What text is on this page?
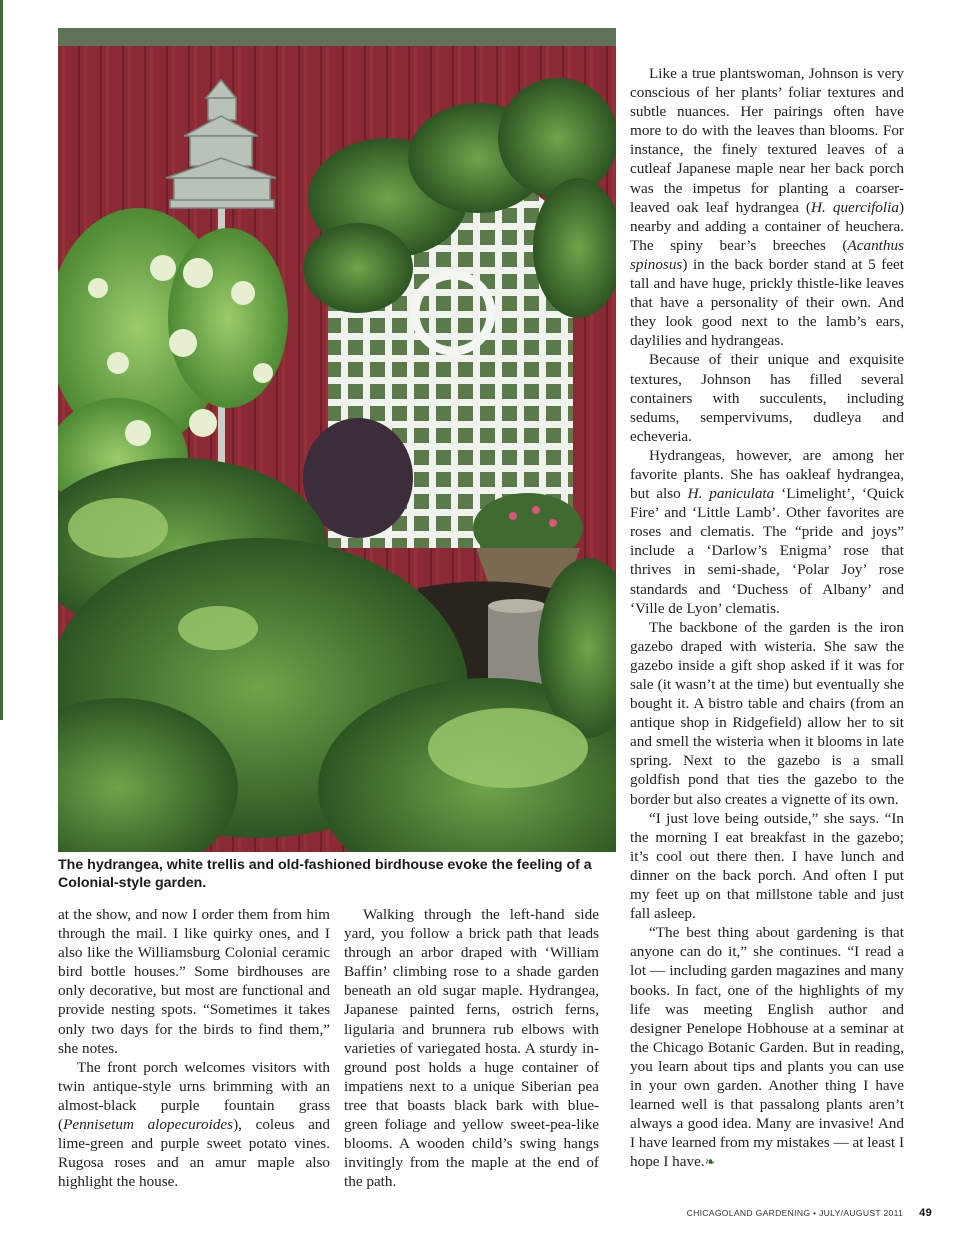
The hydrangea, white trellis and old-fashioned birdhouse evoke the feeling of a Colonial-style garden.

at the show, and now I order them from him through the mail. I like quirky ones, and I also like the Williamsburg Colonial ceramic bird bottle houses.” Some birdhouses are only decorative, but most are functional and provide nesting spots. “Sometimes it takes only two days for the birds to find them,” she notes.

The front porch welcomes visitors with twin antique-style urns brimming with an almost-black purple fountain grass (Pennisetum alopecuroides), coleus and lime-green and purple sweet potato vines. Rugosa roses and an amur maple also highlight the house.

Walking through the left-hand side yard, you follow a brick path that leads through an arbor draped with ‘William Baffin’ climbing rose to a shade garden beneath an old sugar maple. Hydrangea, Japanese painted ferns, ostrich ferns, ligularia and brunnera rub elbows with varieties of variegated hosta. A sturdy in-ground post holds a huge container of impatiens next to a unique Siberian pea tree that boasts black bark with blue-green foliage and yellow sweet-pea-like blooms. A wooden child’s swing hangs invitingly from the maple at the end of the path.

Like a true plantswoman, Johnson is very conscious of her plants’ foliar textures and subtle nuances. Her pairings often have more to do with the leaves than blooms. For instance, the finely textured leaves of a cutleaf Japanese maple near her back porch was the impetus for planting a coarser-leaved oak leaf hydrangea (H. quercifolia) nearby and adding a container of heuchera. The spiny bear’s breeches (Acanthus spinosus) in the back border stand at 5 feet tall and have huge, prickly thistle-like leaves that have a personality of their own. And they look good next to the lamb’s ears, daylilies and hydrangeas.

Because of their unique and exquisite textures, Johnson has filled several containers with succulents, including sedums, sempervivums, dudleya and echeveria.

Hydrangeas, however, are among her favorite plants. She has oakleaf hydrangea, but also H. paniculata ‘Limelight’, ‘Quick Fire’ and ‘Little Lamb’. Other favorites are roses and clematis. The “pride and joys” include a ‘Darlow’s Enigma’ rose that thrives in semi-shade, ‘Polar Joy’ rose standards and ‘Duchess of Albany’ and ‘Ville de Lyon’ clematis.

The backbone of the garden is the iron gazebo draped with wisteria. She saw the gazebo inside a gift shop asked if it was for sale (it wasn’t at the time) but eventually she bought it. A bistro table and chairs (from an antique shop in Ridgefield) allow her to sit and smell the wisteria when it blooms in late spring. Next to the gazebo is a small goldfish pond that ties the gazebo to the border but also creates a vignette of its own.

“I just love being outside,” she says. “In the morning I eat breakfast in the gazebo; it’s cool out there then. I have lunch and dinner on the back porch. And often I put my feet up on that millstone table and just fall asleep.

“The best thing about gardening is that anyone can do it,” she continues. “I read a lot — including garden magazines and many books. In fact, one of the highlights of my life was meeting English author and designer Penelope Hobhouse at a seminar at the Chicago Botanic Garden. But in reading, you learn about tips and plants you can use in your own garden. Another thing I have learned well is that passalong plants aren’t always a good idea. Many are invasive! And I have learned from my mistakes — at least I hope I have.❧

CHICAGOLAND GARDENING • JULY/AUGUST 2011 49
